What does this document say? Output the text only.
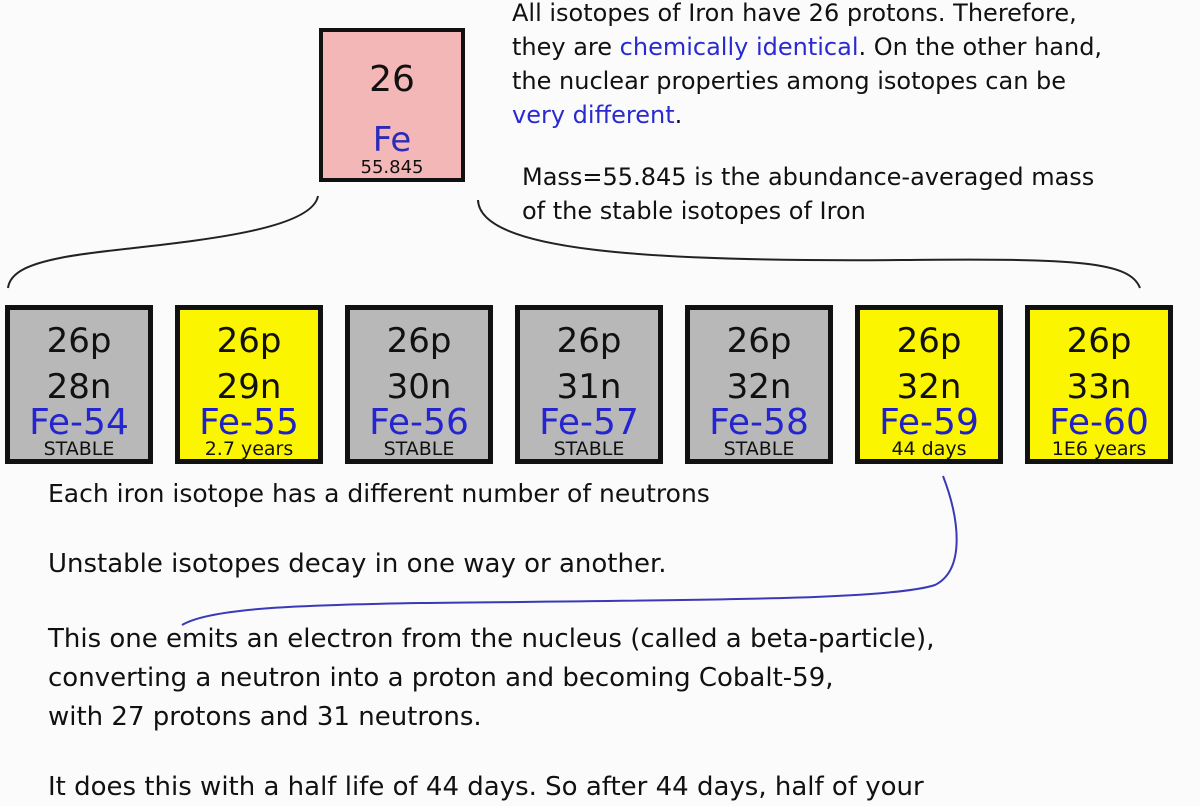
26
Fe
55.845
All isotopes of Iron have 26 protons. Therefore,
they are chemically identical. On the other hand,
the nuclear properties among isotopes can be
very different.
Mass=55.845 is the abundance-averaged mass
of the stable isotopes of Iron
26p
28n
Fe-54
STABLE
26p
29n
Fe-55
2.7 years
26p
30n
Fe-56
STABLE
26p
31n
Fe-57
STABLE
26p
32n
Fe-58
STABLE
26p
32n
Fe-59
44 days
26p
33n
Fe-60
1E6 years
Each iron isotope has a different number of neutrons
Unstable isotopes decay in one way or another.
This one emits an electron from the nucleus (called a beta-particle),
converting a neutron into a proton and becoming Cobalt-59,
with 27 protons and 31 neutrons.
It does this with a half life of 44 days. So after 44 days, half of your
